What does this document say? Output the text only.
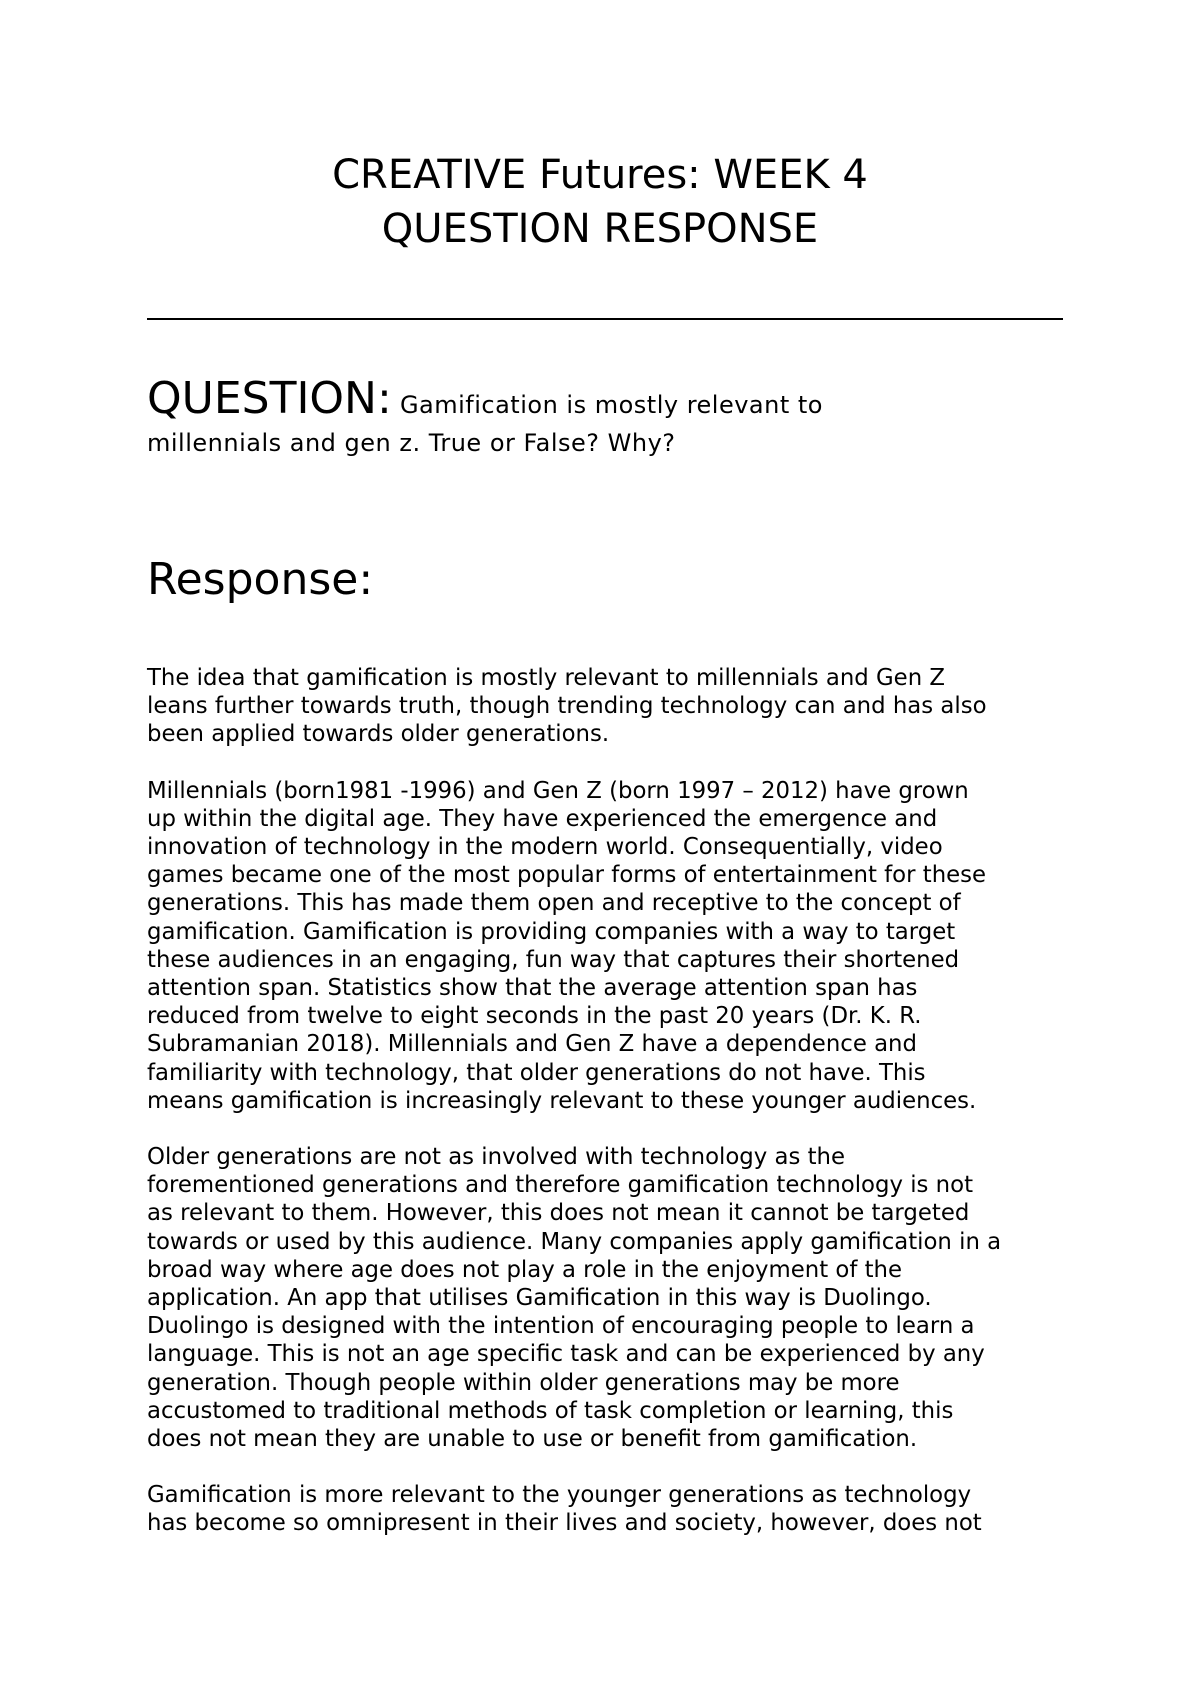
CREATIVE Futures: WEEK 4
QUESTION RESPONSE

QUESTION: Gamification is mostly relevant to
millennials and gen z. True or False? Why?

Response:

The idea that gamification is mostly relevant to millennials and Gen Z
leans further towards truth, though trending technology can and has also
been applied towards older generations.

Millennials (born1981 -1996) and Gen Z (born 1997 – 2012) have grown
up within the digital age. They have experienced the emergence and
innovation of technology in the modern world. Consequentially, video
games became one of the most popular forms of entertainment for these
generations. This has made them open and receptive to the concept of
gamification. Gamification is providing companies with a way to target
these audiences in an engaging, fun way that captures their shortened
attention span. Statistics show that the average attention span has
reduced from twelve to eight seconds in the past 20 years (Dr. K. R.
Subramanian 2018). Millennials and Gen Z have a dependence and
familiarity with technology, that older generations do not have. This
means gamification is increasingly relevant to these younger audiences.

Older generations are not as involved with technology as the
forementioned generations and therefore gamification technology is not
as relevant to them. However, this does not mean it cannot be targeted
towards or used by this audience. Many companies apply gamification in a
broad way where age does not play a role in the enjoyment of the
application. An app that utilises Gamification in this way is Duolingo.
Duolingo is designed with the intention of encouraging people to learn a
language. This is not an age specific task and can be experienced by any
generation. Though people within older generations may be more
accustomed to traditional methods of task completion or learning, this
does not mean they are unable to use or benefit from gamification.

Gamification is more relevant to the younger generations as technology
has become so omnipresent in their lives and society, however, does not
